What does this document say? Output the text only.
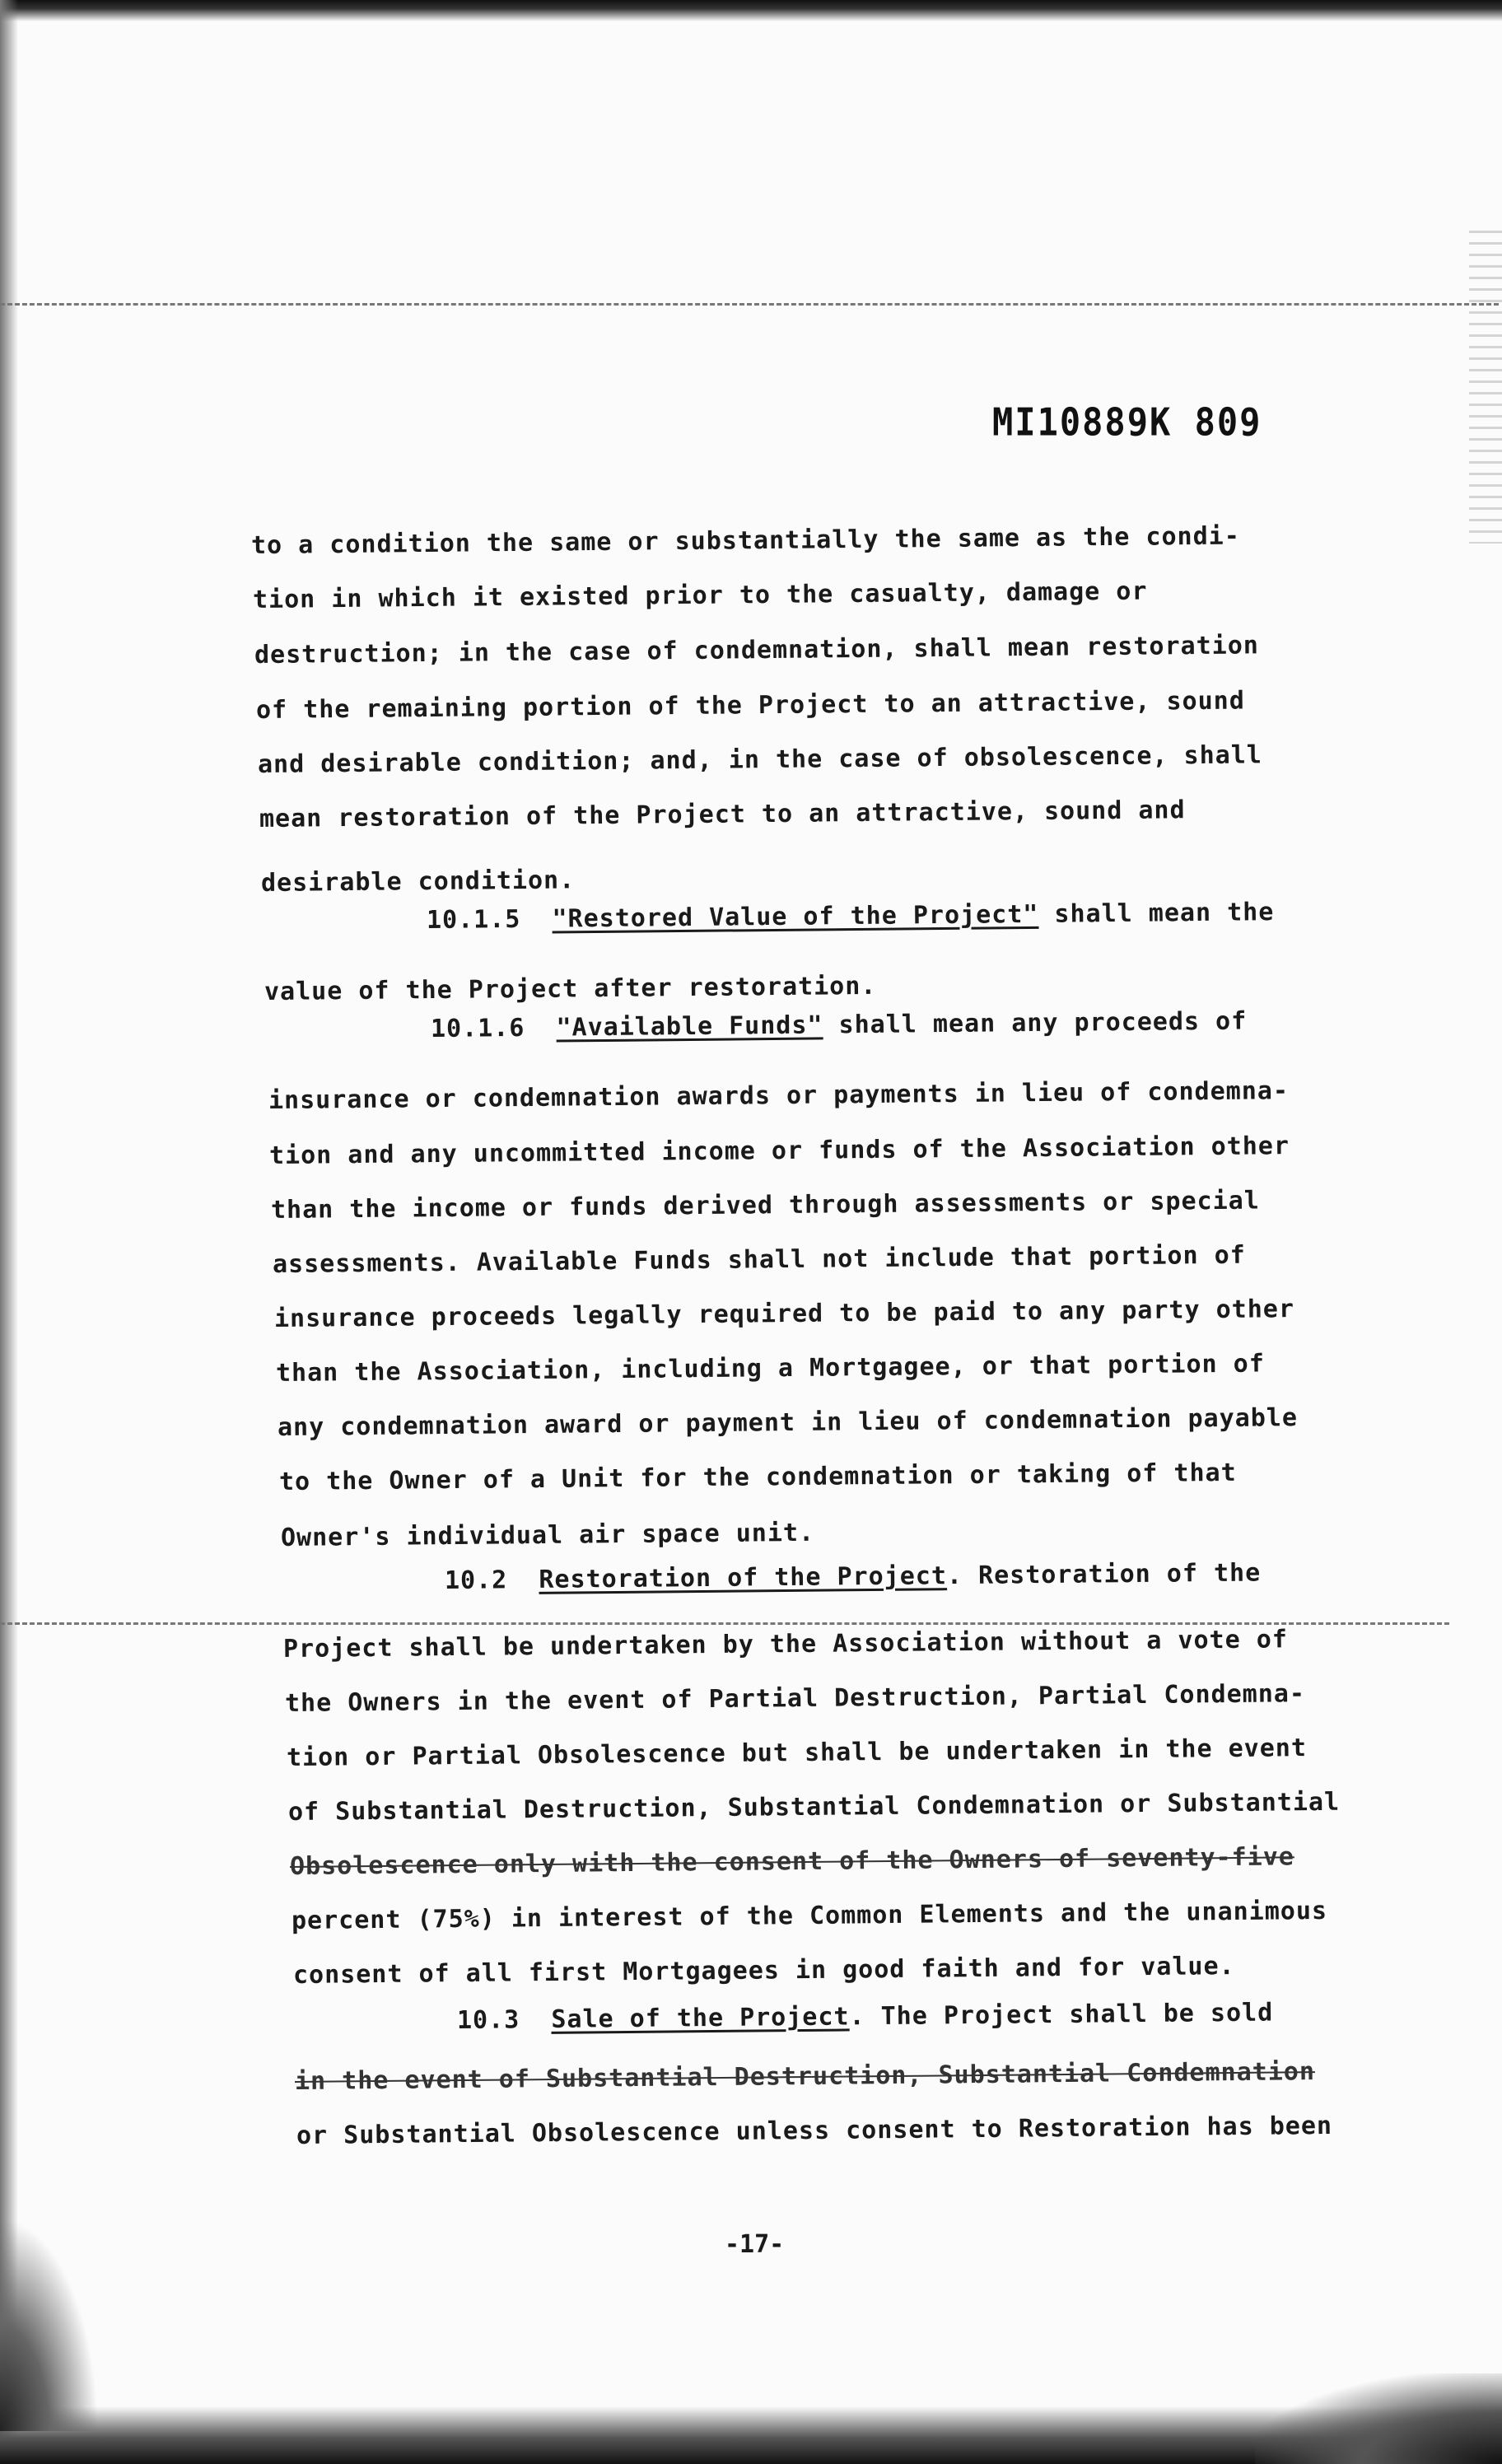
MI10889K 809
to a condition the same or substantially the same as the condi-
tion in which it existed prior to the casualty, damage or
destruction; in the case of condemnation, shall mean restoration
of the remaining portion of the Project to an attractive, sound
and desirable condition; and, in the case of obsolescence, shall
mean restoration of the Project to an attractive, sound and
desirable condition.
10.1.5 "Restored Value of the Project" shall mean the
value of the Project after restoration.
10.1.6 "Available Funds" shall mean any proceeds of
insurance or condemnation awards or payments in lieu of condemna-
tion and any uncommitted income or funds of the Association other
than the income or funds derived through assessments or special
assessments. Available Funds shall not include that portion of
insurance proceeds legally required to be paid to any party other
than the Association, including a Mortgagee, or that portion of
any condemnation award or payment in lieu of condemnation payable
to the Owner of a Unit for the condemnation or taking of that
Owner's individual air space unit.
10.2 Restoration of the Project. Restoration of the
Project shall be undertaken by the Association without a vote of
the Owners in the event of Partial Destruction, Partial Condemna-
tion or Partial Obsolescence but shall be undertaken in the event
of Substantial Destruction, Substantial Condemnation or Substantial
Obsolescence only with the consent of the Owners of seventy-five
percent (75%) in interest of the Common Elements and the unanimous
consent of all first Mortgagees in good faith and for value.
10.3 Sale of the Project. The Project shall be sold
in the event of Substantial Destruction, Substantial Condemnation
or Substantial Obsolescence unless consent to Restoration has been
-17-
